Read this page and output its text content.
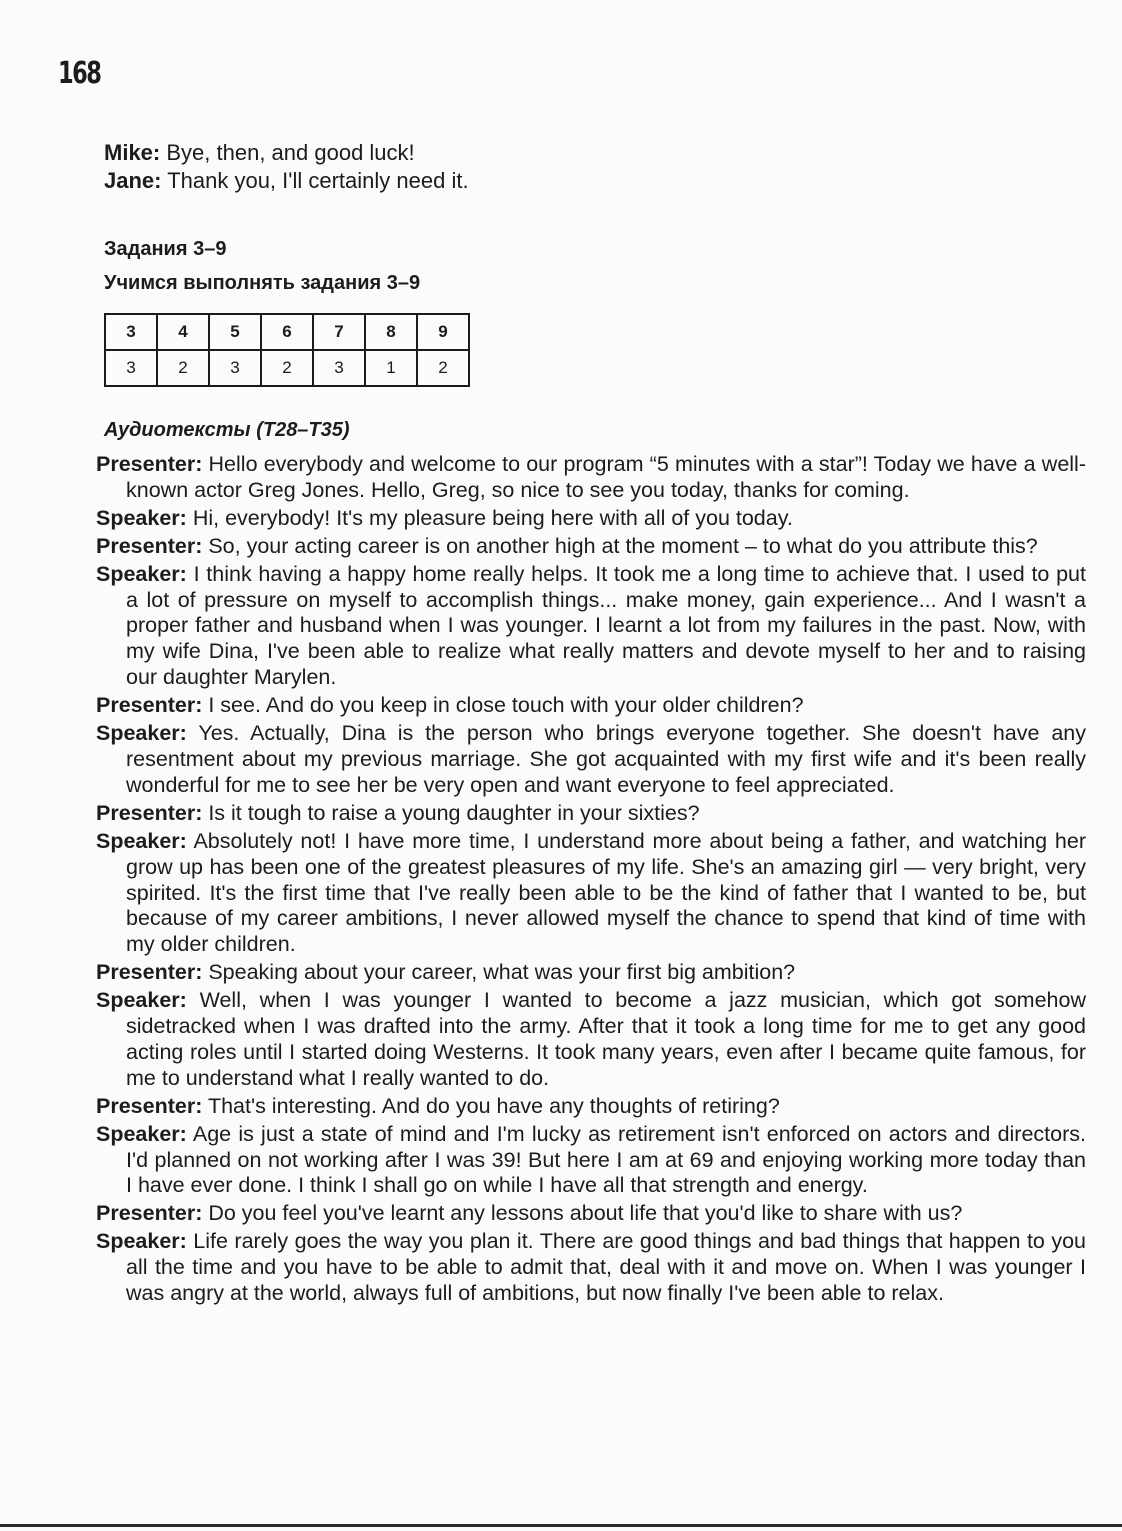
168
Mike: Bye, then, and good luck!
Jane: Thank you, I'll certainly need it.
Задания 3–9
Учимся выполнять задания 3–9
3	4	5	6	7	8	9
3	2	3	2	3	1	2
Аудиотексты (T28–T35)

Presenter: Hello everybody and welcome to our program “5 minutes with a star”! Today we have a well-known actor Greg Jones. Hello, Greg, so nice to see you today, thanks for coming.

Speaker: Hi, everybody! It's my pleasure being here with all of you today.

Presenter: So, your acting career is on another high at the moment – to what do you attribute this?

Speaker: I think having a happy home really helps. It took me a long time to achieve that. I used to put a lot of pressure on myself to accomplish things... make money, gain experience... And I wasn't a proper father and husband when I was younger. I learnt a lot from my failures in the past. Now, with my wife Dina, I've been able to realize what really matters and devote myself to her and to raising our daughter Marylen.

Presenter: I see. And do you keep in close touch with your older children?

Speaker: Yes. Actually, Dina is the person who brings everyone together. She doesn't have any resentment about my previous marriage. She got acquainted with my first wife and it's been really wonderful for me to see her be very open and want everyone to feel appreciated.

Presenter: Is it tough to raise a young daughter in your sixties?

Speaker: Absolutely not! I have more time, I understand more about being a father, and watching her grow up has been one of the greatest pleasures of my life. She's an amazing girl — very bright, very spirited. It's the first time that I've really been able to be the kind of father that I wanted to be, but because of my career ambitions, I never allowed myself the chance to spend that kind of time with my older children.

Presenter: Speaking about your career, what was your first big ambition?

Speaker: Well, when I was younger I wanted to become a jazz musician, which got somehow sidetracked when I was drafted into the army. After that it took a long time for me to get any good acting roles until I started doing Westerns. It took many years, even after I became quite famous, for me to understand what I really wanted to do.

Presenter: That's interesting. And do you have any thoughts of retiring?

Speaker: Age is just a state of mind and I'm lucky as retirement isn't enforced on actors and directors. I'd planned on not working after I was 39! But here I am at 69 and enjoying working more today than I have ever done. I think I shall go on while I have all that strength and energy.

Presenter: Do you feel you've learnt any lessons about life that you'd like to share with us?

Speaker: Life rarely goes the way you plan it. There are good things and bad things that happen to you all the time and you have to be able to admit that, deal with it and move on. When I was younger I was angry at the world, always full of ambitions, but now finally I've been able to relax.
